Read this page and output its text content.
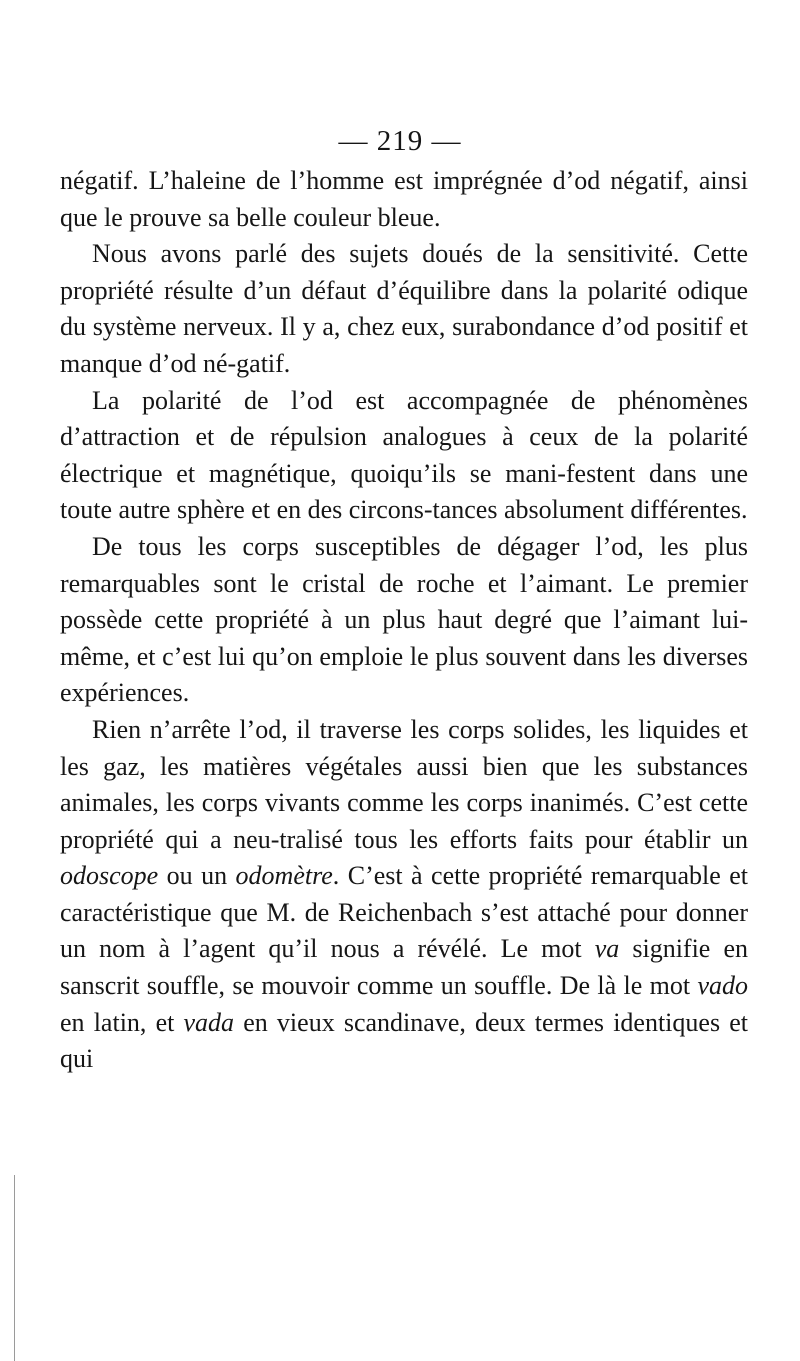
— 219 —

négatif. L’haleine de l’homme est imprégnée d’od négatif, ainsi que le prouve sa belle couleur bleue.

Nous avons parlé des sujets doués de la sensitivité. Cette propriété résulte d’un défaut d’équilibre dans la polarité odique du système nerveux. Il y a, chez eux, surabondance d’od positif et manque d’od né-gatif.

La polarité de l’od est accompagnée de phénomènes d’attraction et de répulsion analogues à ceux de la polarité électrique et magnétique, quoiqu’ils se mani-festent dans une toute autre sphère et en des circons-tances absolument différentes.

De tous les corps susceptibles de dégager l’od, les plus remarquables sont le cristal de roche et l’aimant. Le premier possède cette propriété à un plus haut degré que l’aimant lui-même, et c’est lui qu’on emploie le plus souvent dans les diverses expériences.

Rien n’arrête l’od, il traverse les corps solides, les liquides et les gaz, les matières végétales aussi bien que les substances animales, les corps vivants comme les corps inanimés. C’est cette propriété qui a neu-tralisé tous les efforts faits pour établir un odoscope ou un odomètre. C’est à cette propriété remarquable et caractéristique que M. de Reichenbach s’est attaché pour donner un nom à l’agent qu’il nous a révélé. Le mot va signifie en sanscrit souffle, se mouvoir comme un souffle. De là le mot vado en latin, et vada en vieux scandinave, deux termes identiques et qui
